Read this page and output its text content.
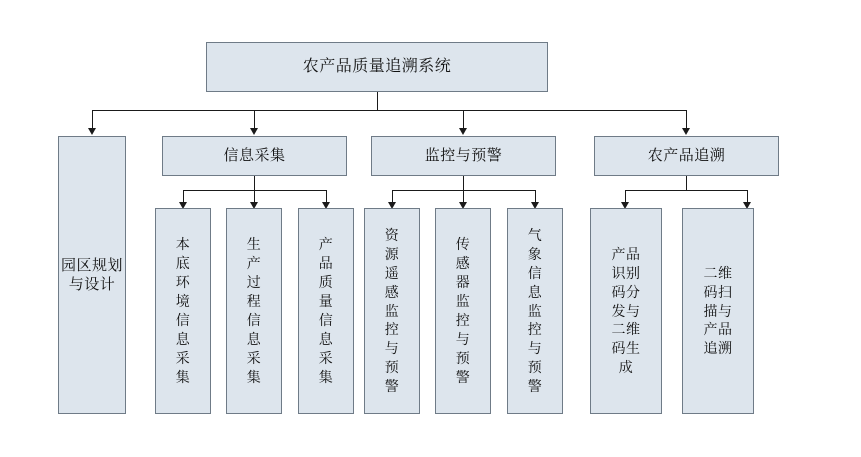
农产品质量追溯系统
园区规划与设计
信息采集
本底环境信息采集
生产过程信息采集
产品质量信息采集
监控与预警
资源遥感监控与预警
传感器监控与预警
气象信息监控与预警
农产品追溯
产品识别码分发与二维码生成
二维码扫描与产品追溯
